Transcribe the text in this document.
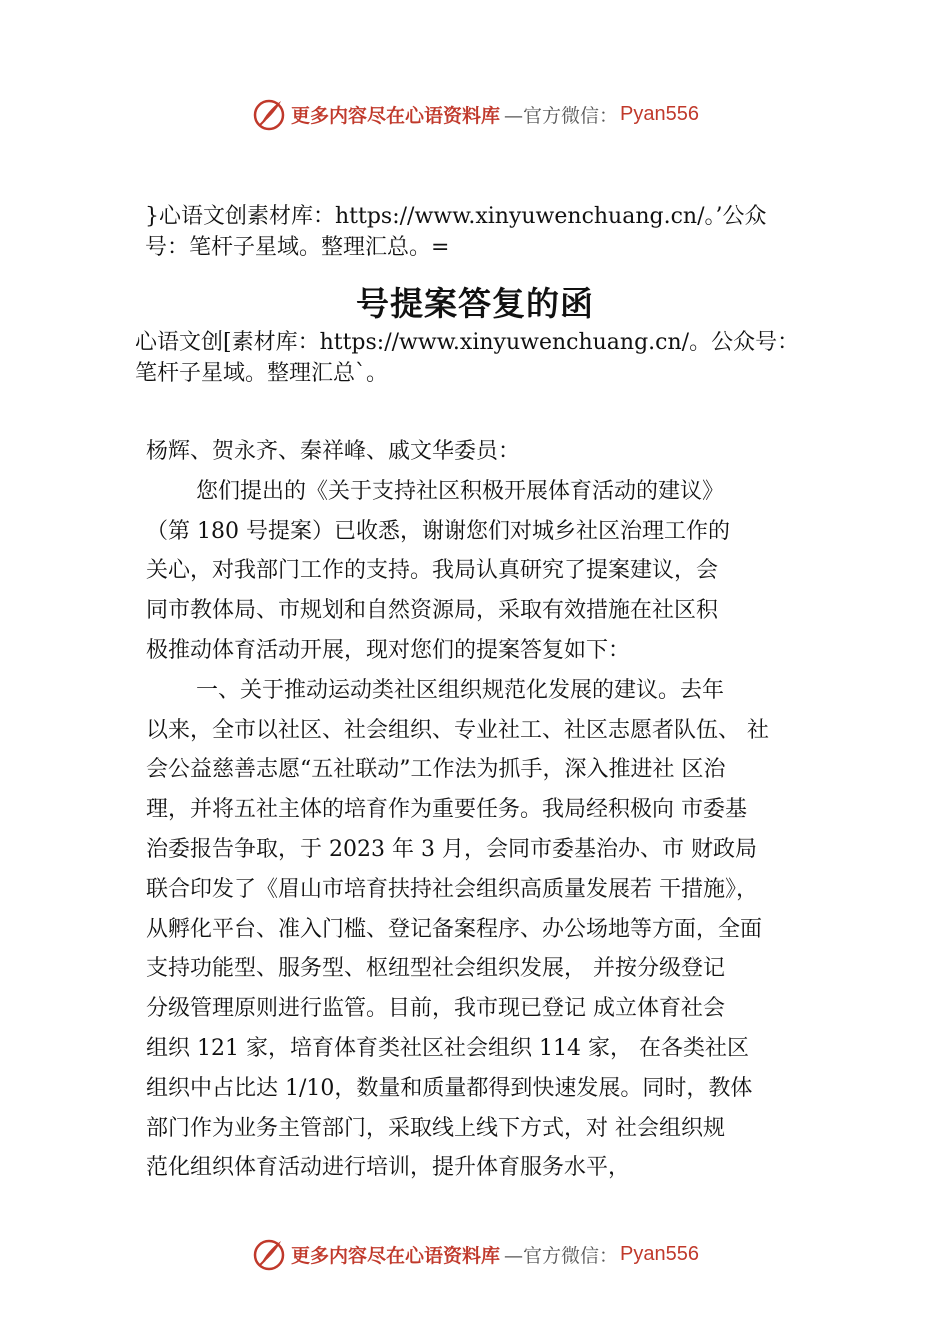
更多内容尽在心语资料库 —官方微信： Pyan556
}心语文创素材库：https://www.xinyuwenchuang.cn/。’公众
号：笔杆子星域。整理汇总。=
号提案答复的函
心语文创[素材库：https://www.xinyuwenchuang.cn/。公众号：
笔杆子星域。整理汇总`。
杨辉、贺永齐、秦祥峰、戚文华委员：
您们提出的《关于支持社区积极开展体育活动的建议》
（第 180 号提案）已收悉，谢谢您们对城乡社区治理工作的
关心，对我部门工作的支持。我局认真研究了提案建议，会
同市教体局、市规划和自然资源局，采取有效措施在社区积
极推动体育活动开展，现对您们的提案答复如下：
一、关于推动运动类社区组织规范化发展的建议。去年
以来，全市以社区、社会组织、专业社工、社区志愿者队伍、 社
会公益慈善志愿“五社联动”工作法为抓手，深入推进社 区治
理，并将五社主体的培育作为重要任务。我局经积极向 市委基
治委报告争取，于 2023 年 3 月，会同市委基治办、市 财政局
联合印发了《眉山市培育扶持社会组织高质量发展若 干措施》，
从孵化平台、准入门槛、登记备案程序、办公场地等方面，全面
支持功能型、服务型、枢纽型社会组织发展， 并按分级登记
分级管理原则进行监管。目前，我市现已登记 成立体育社会
组织 121 家，培育体育类社区社会组织 114 家， 在各类社区
组织中占比达 1/10，数量和质量都得到快速发展。同时，教体
部门作为业务主管部门，采取线上线下方式，对 社会组织规
范化组织体育活动进行培训，提升体育服务水平，
更多内容尽在心语资料库 —官方微信： Pyan556
